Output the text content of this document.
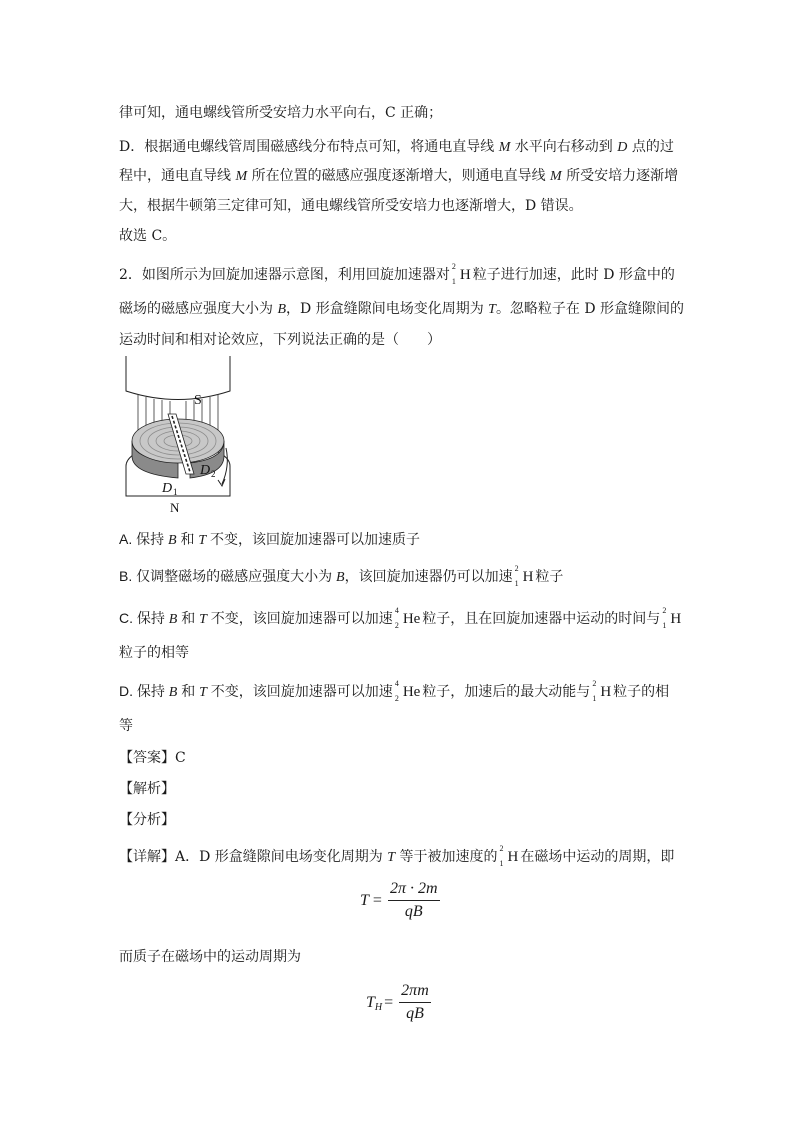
律可知，通电螺线管所受安培力水平向右，C 正确；
D．根据通电螺线管周围磁感线分布特点可知，将通电直导线 M 水平向右移动到 D 点的过
程中，通电直导线 M 所在位置的磁感应强度逐渐增大，则通电直导线 M 所受安培力逐渐增
大，根据牛顿第三定律可知，通电螺线管所受安培力也逐渐增大，D 错误。
故选 C。
2．如图所示为回旋加速器示意图，利用回旋加速器对
2
1 H 粒子进行加速，此时 D 形盒中的
磁场的磁感应强度大小为 B，D 形盒缝隙间电场变化周期为 T。忽略粒子在 D 形盒缝隙间的
运动时间和相对论效应，下列说法正确的是（　　）
S
N
D 1
D 2
A. 保持 B 和 T 不变，该回旋加速器可以加速质子
B. 仅调整磁场的磁感应强度大小为 B，该回旋加速器仍可以加速 2
1 H 粒子
C. 保持 B 和 T 不变，该回旋加速器可以加速 4
2 He 粒子，且在回旋加速器中运动的时间与 2
1 H
粒子的相等
D. 保持 B 和 T 不变，该回旋加速器可以加速 4
2 He 粒子，加速后的最大动能与 2
1 H 粒子的相
等
【答案】C
【解析】
【分析】
【详解】A．D 形盒缝隙间电场变化周期为 T 等于被加速度的
2
1 H 在磁场中运动的周期，即
$T = \frac{2\pi \cdot 2m}{qB}$
而质子在磁场中的运动周期为
$T_H = \frac{2\pi m}{qB}$
